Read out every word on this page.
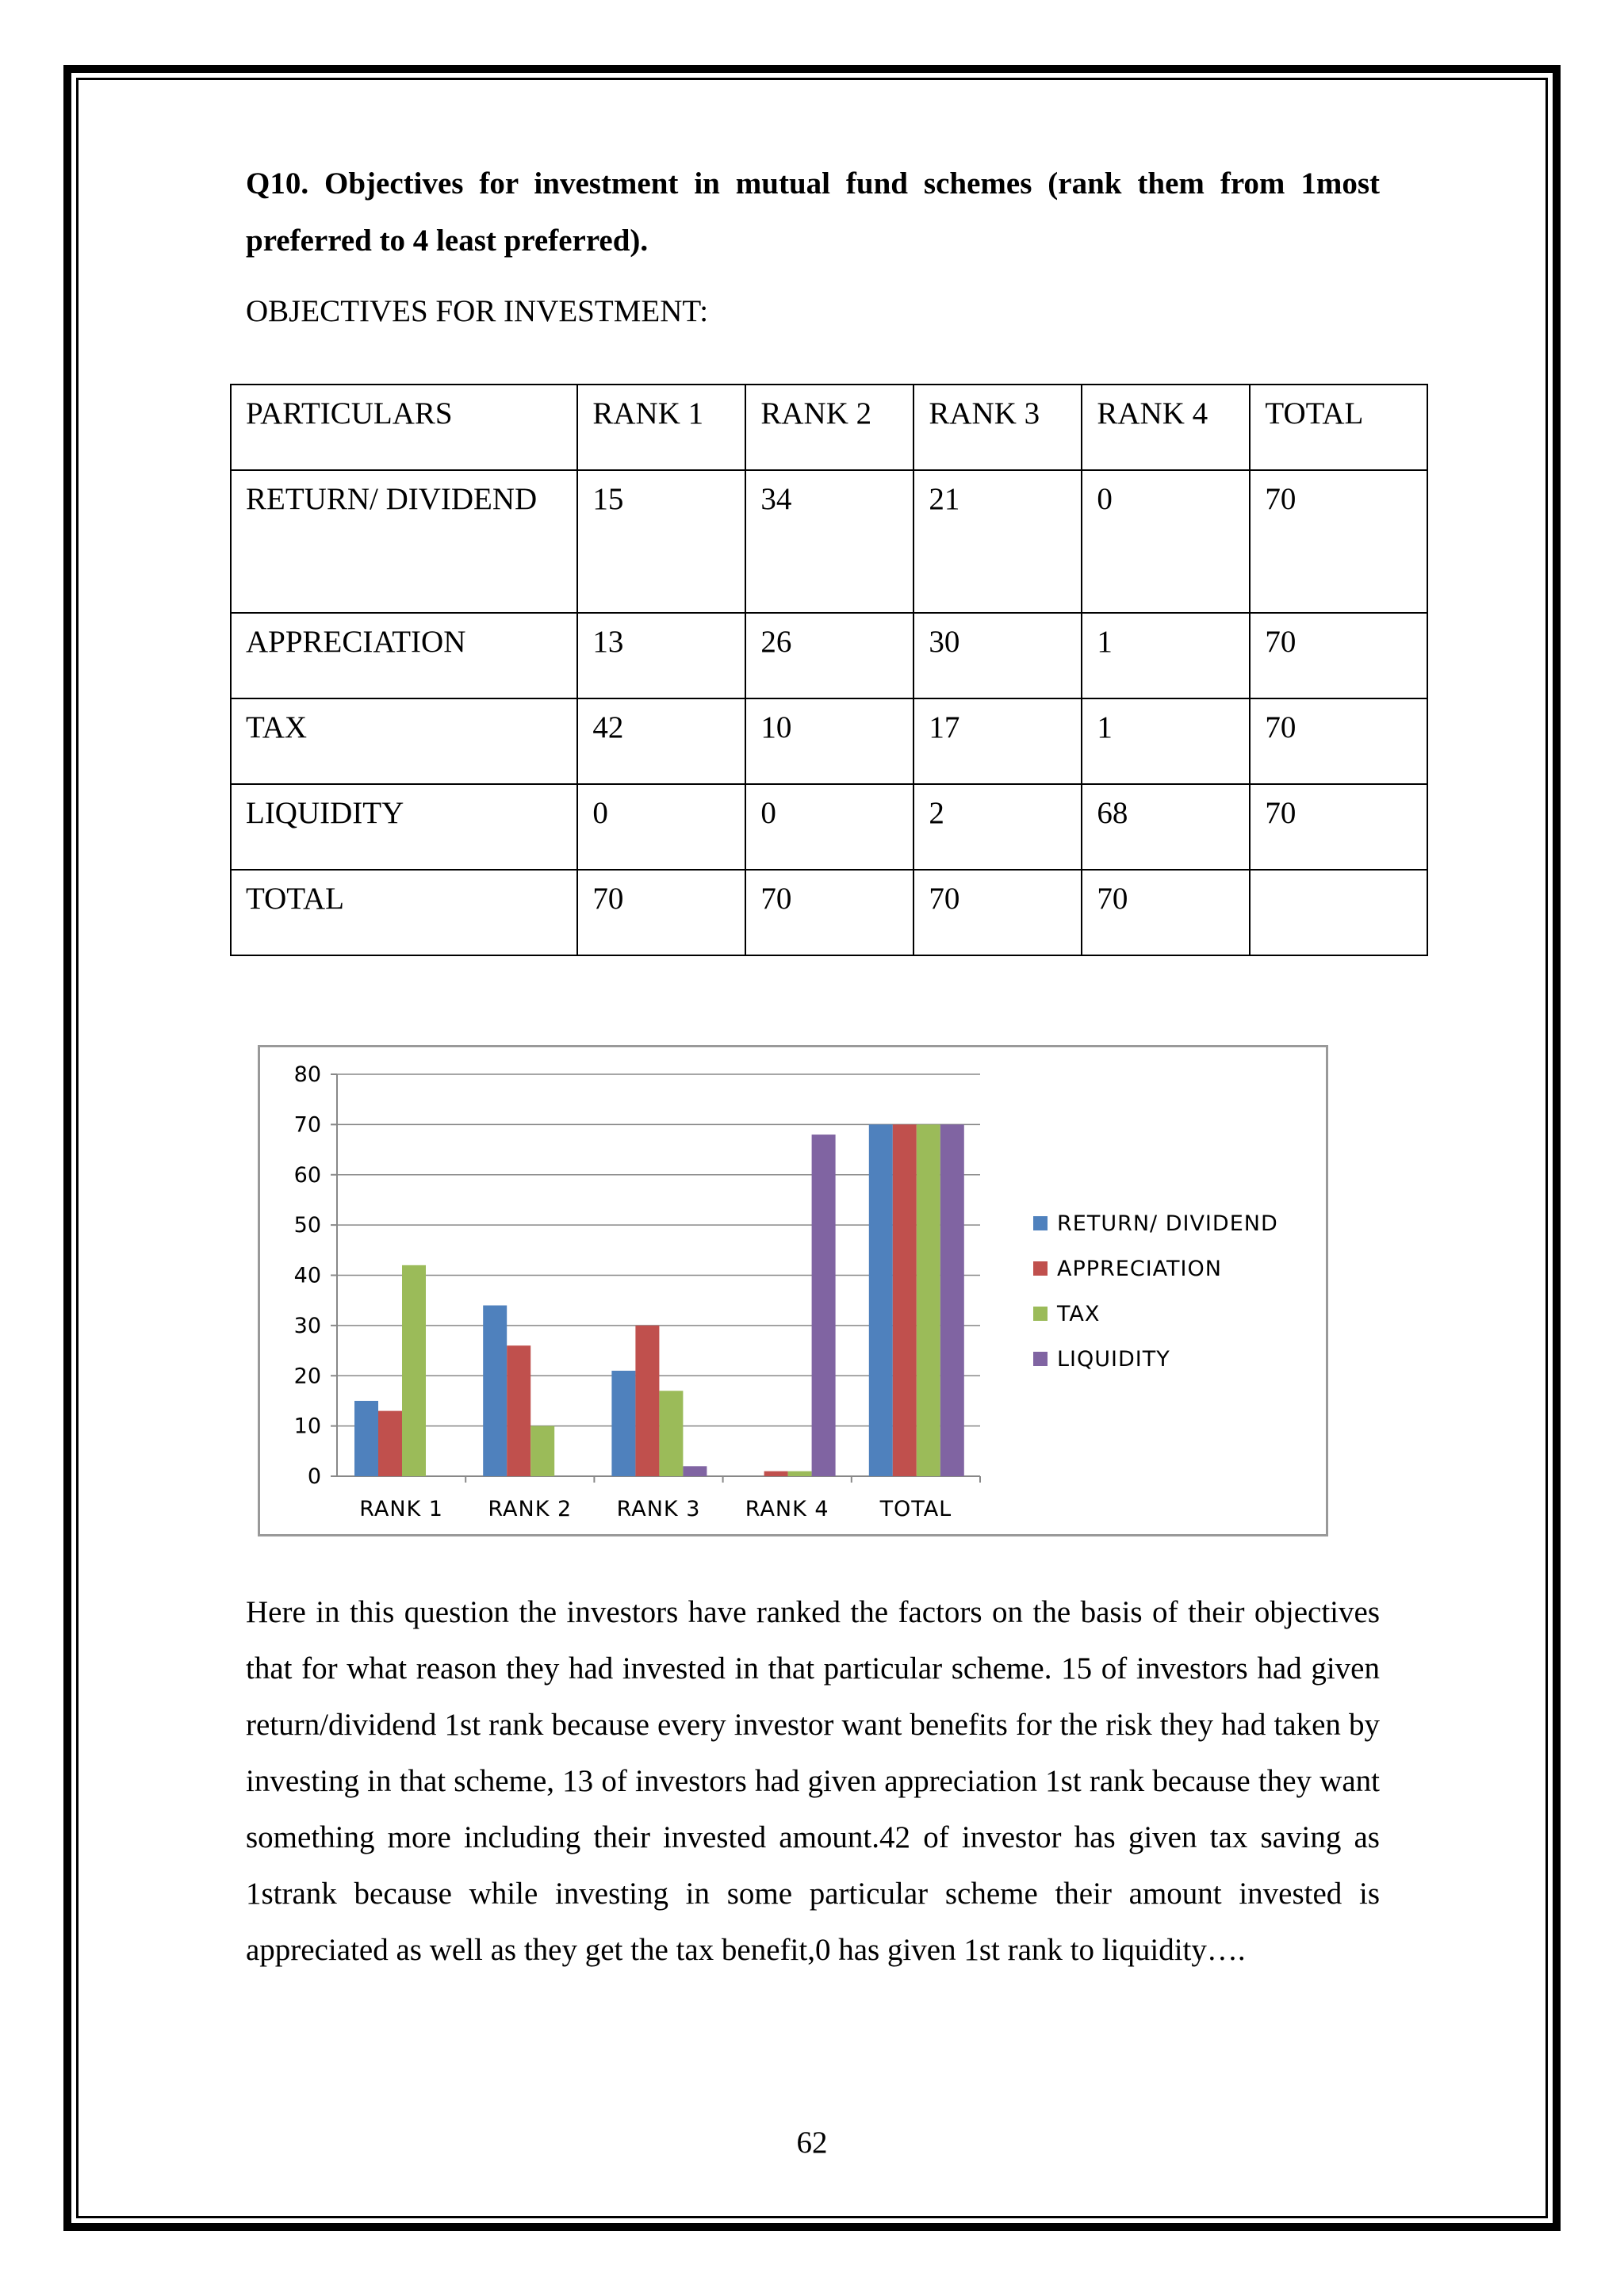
Q10. Objectives for investment in mutual fund schemes (rank them from 1most preferred to 4 least preferred).

OBJECTIVES FOR INVESTMENT:

PARTICULARS	RANK 1	RANK 2	RANK 3	RANK 4	TOTAL
RETURN/ DIVIDEND	15	34	21	0	70
APPRECIATION	13	26	30	1	70
TAX	42	10	17	1	70
LIQUIDITY	0	0	2	68	70
TOTAL	70	70	70	70	
0
10
20
30
40
50
60
70
80
RANK 1 RANK 2 RANK 3 RANK 4 TOTAL
RETURN/ DIVIDEND
APPRECIATION
TAX
LIQUIDITY

Here in this question the investors have ranked the factors on the basis of their objectives that for what reason they had invested in that particular scheme. 15 of investors had given return/dividend 1st rank because every investor want benefits for the risk they had taken by investing in that scheme, 13 of investors had given appreciation 1st rank because they want something more including their invested amount.42 of investor has given tax saving as 1strank because while investing in some particular scheme their amount invested is appreciated as well as they get the tax benefit,0 has given 1st rank to liquidity….

62
